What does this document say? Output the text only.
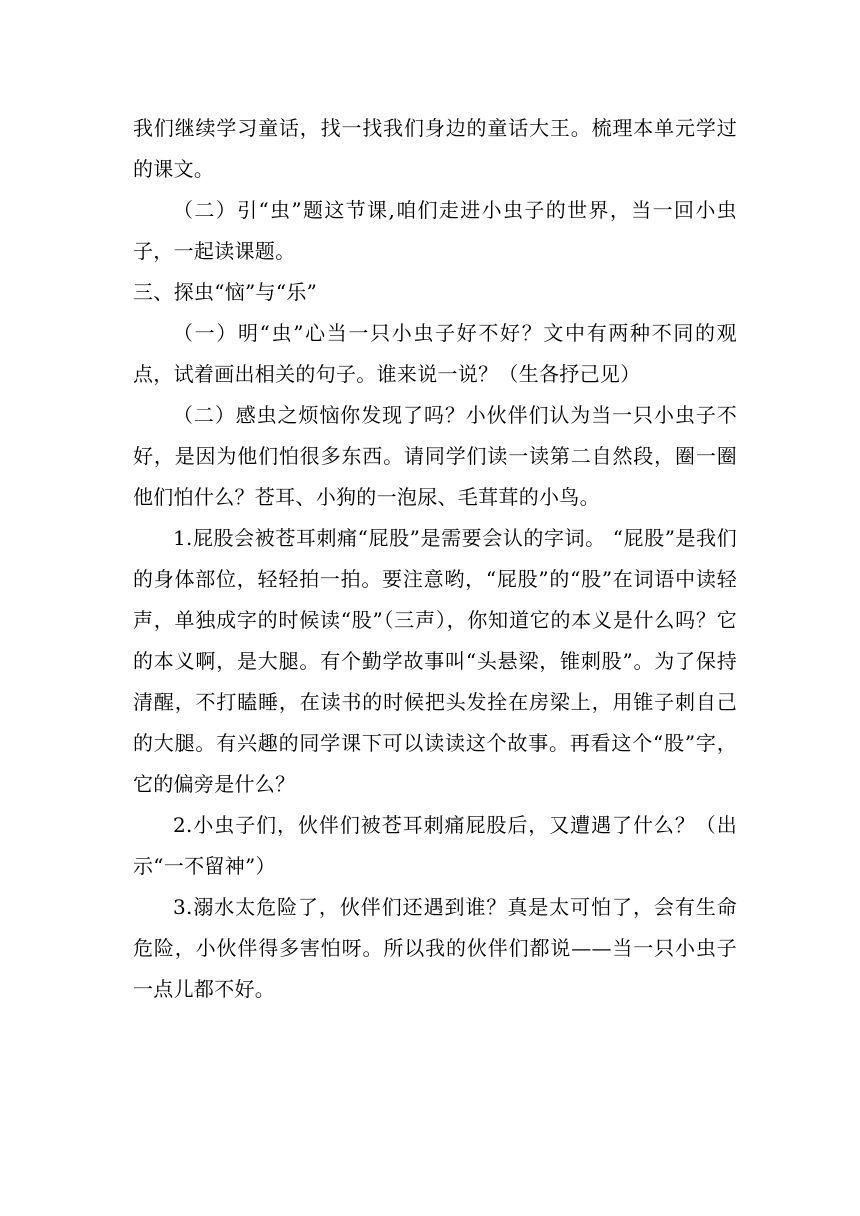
我们继续学习童话，找一找我们身边的童话大王。梳理本单元学过的课文。

（二）引“虫”题这节课,咱们走进小虫子的世界，当一回小虫子，一起读课题。

三、探虫“恼”与“乐”

（一）明“虫”心当一只小虫子好不好？文中有两种不同的观点，试着画出相关的句子。谁来说一说？（生各抒己见）

（二）感虫之烦恼你发现了吗？小伙伴们认为当一只小虫子不好，是因为他们怕很多东西。请同学们读一读第二自然段，圈一圈他们怕什么？苍耳、小狗的一泡尿、毛茸茸的小鸟。

1.屁股会被苍耳刺痛“屁股”是需要会认的字词。 “屁股”是我们的身体部位，轻轻拍一拍。要注意哟，“屁股”的“股”在词语中读轻声，单独成字的时候读“股”（三声），你知道它的本义是什么吗？它的本义啊，是大腿。有个勤学故事叫“头悬梁，锥刺股”。为了保持清醒，不打瞌睡，在读书的时候把头发拴在房梁上，用锥子刺自己的大腿。有兴趣的同学课下可以读读这个故事。再看这个“股”字，它的偏旁是什么？

2.小虫子们，伙伴们被苍耳刺痛屁股后，又遭遇了什么？（出示“一不留神”）

3.溺水太危险了，伙伴们还遇到谁？真是太可怕了，会有生命危险，小伙伴得多害怕呀。所以我的伙伴们都说——当一只小虫子一点儿都不好。
